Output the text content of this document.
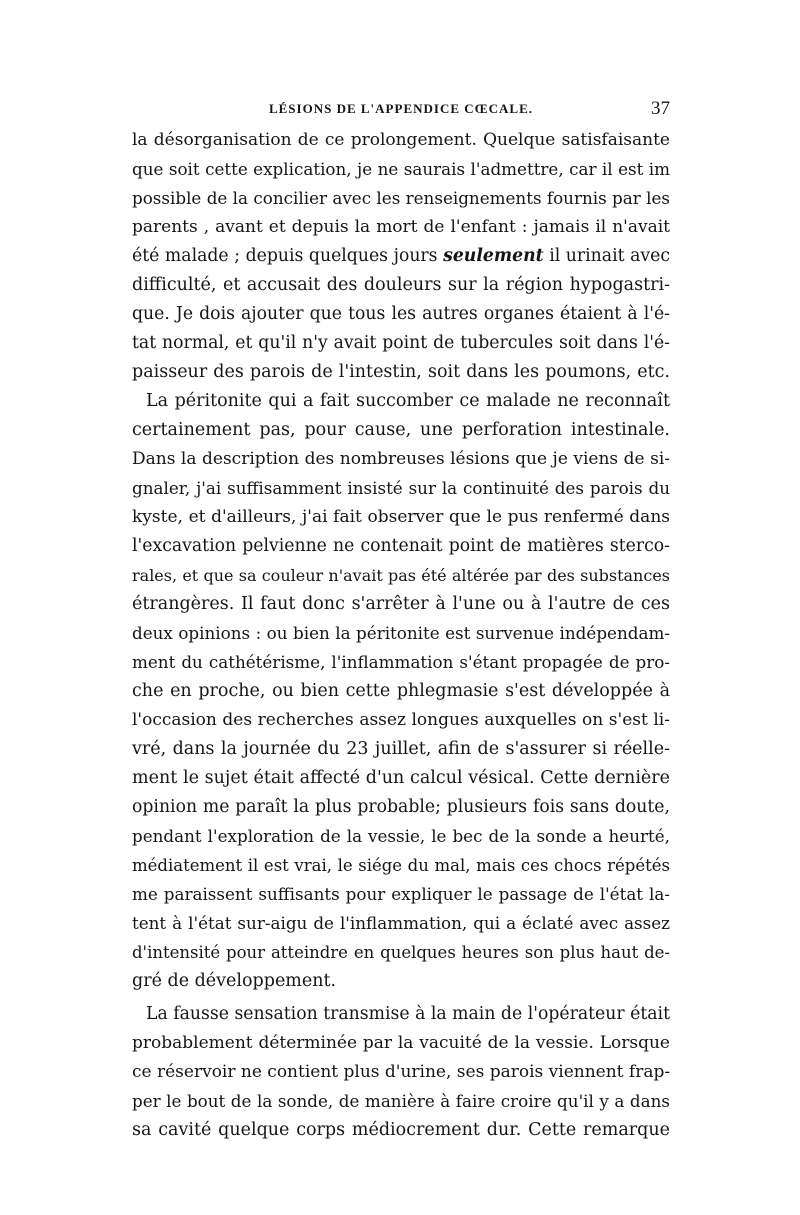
LÉSIONS DE L'APPENDICE CŒCALE.	37
la désorganisation de ce prolongement. Quelque satisfaisante
que soit cette explication, je ne saurais l'admettre, car il est im
possible de la concilier avec les renseignements fournis par les
parents , avant et depuis la mort de l'enfant : jamais il n'avait
été malade ; depuis quelques jours seulement il urinait avec
difficulté, et accusait des douleurs sur la région hypogastri-
que. Je dois ajouter que tous les autres organes étaient à l'é-
tat normal, et qu'il n'y avait point de tubercules soit dans l'é-
paisseur des parois de l'intestin, soit dans les poumons, etc.
La péritonite qui a fait succomber ce malade ne reconnaît
certainement pas, pour cause, une perforation intestinale.
Dans la description des nombreuses lésions que je viens de si-
gnaler, j'ai suffisamment insisté sur la continuité des parois du
kyste, et d'ailleurs, j'ai fait observer que le pus renfermé dans
l'excavation pelvienne ne contenait point de matières sterco-
rales, et que sa couleur n'avait pas été altérée par des substances
étrangères. Il faut donc s'arrêter à l'une ou à l'autre de ces
deux opinions : ou bien la péritonite est survenue indépendam-
ment du cathétérisme, l'inflammation s'étant propagée de pro-
che en proche, ou bien cette phlegmasie s'est développée à
l'occasion des recherches assez longues auxquelles on s'est li-
vré, dans la journée du 23 juillet, afin de s'assurer si réelle-
ment le sujet était affecté d'un calcul vésical. Cette dernière
opinion me paraît la plus probable; plusieurs fois sans doute,
pendant l'exploration de la vessie, le bec de la sonde a heurté,
médiatement il est vrai, le siége du mal, mais ces chocs répétés
me paraissent suffisants pour expliquer le passage de l'état la-
tent à l'état sur-aigu de l'inflammation, qui a éclaté avec assez
d'intensité pour atteindre en quelques heures son plus haut de-
gré de développement.
La fausse sensation transmise à la main de l'opérateur était
probablement déterminée par la vacuité de la vessie. Lorsque
ce réservoir ne contient plus d'urine, ses parois viennent frap-
per le bout de la sonde, de manière à faire croire qu'il y a dans
sa cavité quelque corps médiocrement dur. Cette remarque
